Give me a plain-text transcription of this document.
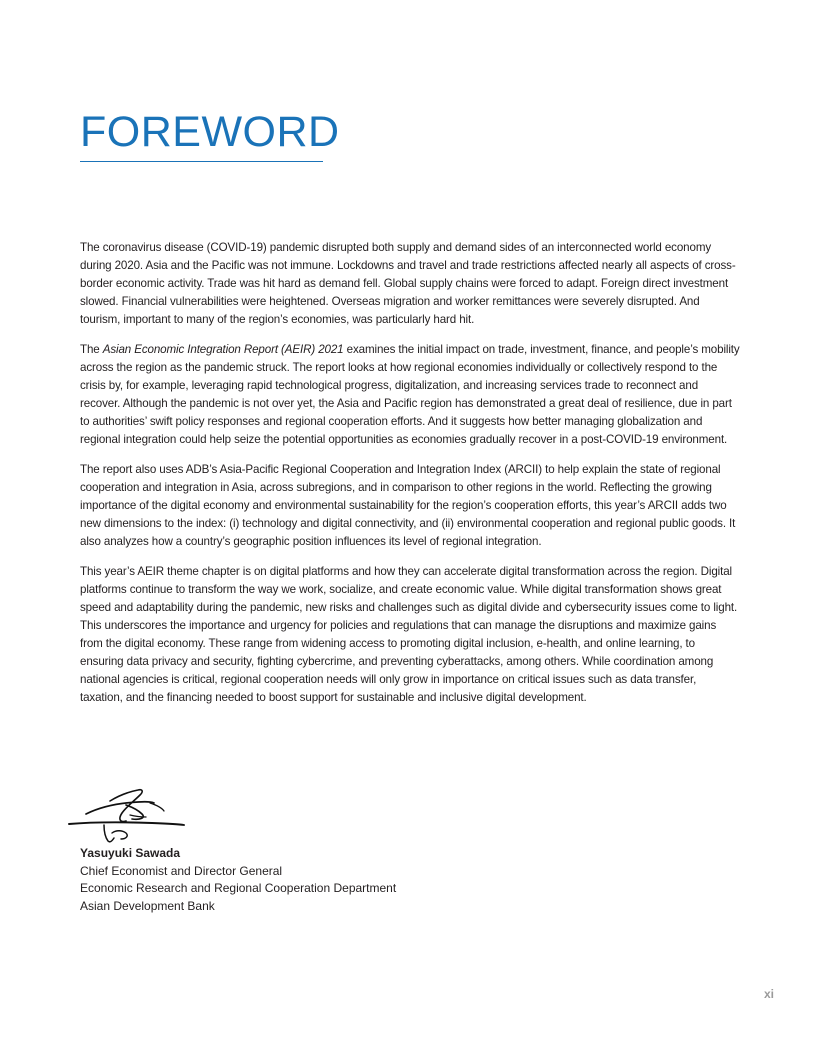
FOREWORD

The coronavirus disease (COVID-19) pandemic disrupted both supply and demand sides of an interconnected world economy during 2020. Asia and the Pacific was not immune. Lockdowns and travel and trade restrictions affected nearly all aspects of cross-border economic activity. Trade was hit hard as demand fell. Global supply chains were forced to adapt. Foreign direct investment slowed. Financial vulnerabilities were heightened. Overseas migration and worker remittances were severely disrupted. And tourism, important to many of the region’s economies, was particularly hard hit.

The Asian Economic Integration Report (AEIR) 2021 examines the initial impact on trade, investment, finance, and people’s mobility across the region as the pandemic struck. The report looks at how regional economies individually or collectively respond to the crisis by, for example, leveraging rapid technological progress, digitalization, and increasing services trade to reconnect and recover. Although the pandemic is not over yet, the Asia and Pacific region has demonstrated a great deal of resilience, due in part to authorities’ swift policy responses and regional cooperation efforts. And it suggests how better managing globalization and regional integration could help seize the potential opportunities as economies gradually recover in a post-COVID-19 environment.

The report also uses ADB’s Asia-Pacific Regional Cooperation and Integration Index (ARCII) to help explain the state of regional cooperation and integration in Asia, across subregions, and in comparison to other regions in the world. Reflecting the growing importance of the digital economy and environmental sustainability for the region’s cooperation efforts, this year’s ARCII adds two new dimensions to the index: (i) technology and digital connectivity, and (ii) environmental cooperation and regional public goods. It also analyzes how a country’s geographic position influences its level of regional integration.

This year’s AEIR theme chapter is on digital platforms and how they can accelerate digital transformation across the region. Digital platforms continue to transform the way we work, socialize, and create economic value. While digital transformation shows great speed and adaptability during the pandemic, new risks and challenges such as digital divide and cybersecurity issues come to light. This underscores the importance and urgency for policies and regulations that can manage the disruptions and maximize gains from the digital economy. These range from widening access to promoting digital inclusion, e-health, and online learning, to ensuring data privacy and security, fighting cybercrime, and preventing cyberattacks, among others. While coordination among national agencies is critical, regional cooperation needs will only grow in importance on critical issues such as data transfer, taxation, and the financing needed to boost support for sustainable and inclusive digital development.

Yasuyuki Sawada
Chief Economist and Director General
Economic Research and Regional Cooperation Department
Asian Development Bank
xi
